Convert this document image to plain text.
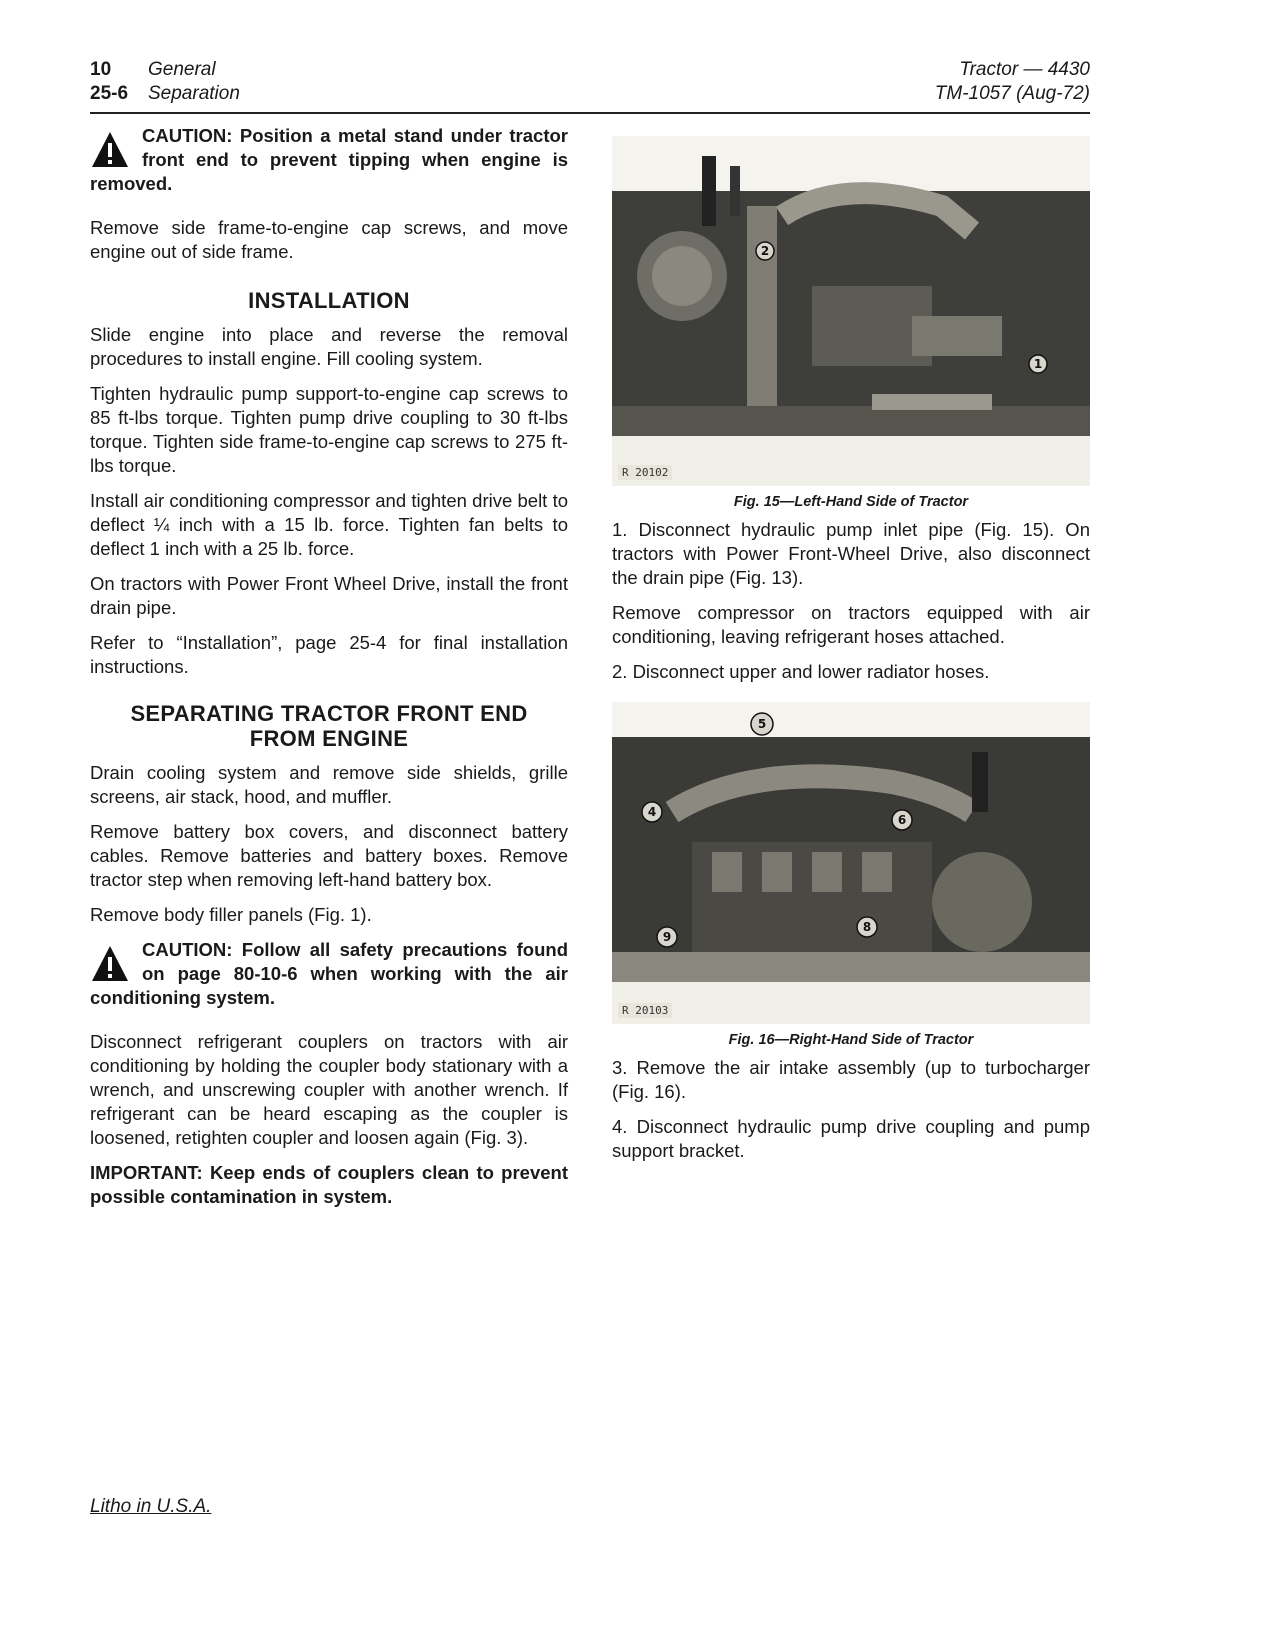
10 General
25-6 Separation
Tractor — 4430
TM-1057 (Aug-72)

CAUTION: Position a metal stand under tractor front end to prevent tipping when engine is removed.

Remove side frame-to-engine cap screws, and move engine out of side frame.

INSTALLATION

Slide engine into place and reverse the removal procedures to install engine. Fill cooling system.

Tighten hydraulic pump support-to-engine cap screws to 85 ft-lbs torque. Tighten pump drive coupling to 30 ft-lbs torque. Tighten side frame-to-engine cap screws to 275 ft-lbs torque.

Install air conditioning compressor and tighten drive belt to deflect ¼ inch with a 15 lb. force. Tighten fan belts to deflect 1 inch with a 25 lb. force.

On tractors with Power Front Wheel Drive, install the front drain pipe.

Refer to “Installation”, page 25-4 for final installation instructions.

SEPARATING TRACTOR FRONT END FROM ENGINE

Drain cooling system and remove side shields, grille screens, air stack, hood, and muffler.

Remove battery box covers, and disconnect battery cables. Remove batteries and battery boxes. Remove tractor step when removing left-hand battery box.

Remove body filler panels (Fig. 1).

CAUTION: Follow all safety precautions found on page 80-10-6 when working with the air conditioning system.

Disconnect refrigerant couplers on tractors with air conditioning by holding the coupler body stationary with a wrench, and unscrewing coupler with another wrench. If refrigerant can be heard escaping as the coupler is loosened, retighten coupler and loosen again (Fig. 3).

IMPORTANT: Keep ends of couplers clean to prevent possible contamination in system.

2
1
R 20102
Fig. 15—Left-Hand Side of Tractor

1. Disconnect hydraulic pump inlet pipe (Fig. 15). On tractors with Power Front-Wheel Drive, also disconnect the drain pipe (Fig. 13).

Remove compressor on tractors equipped with air conditioning, leaving refrigerant hoses attached.

2. Disconnect upper and lower radiator hoses.

5
4
6
9
8
R 20103
Fig. 16—Right-Hand Side of Tractor

3. Remove the air intake assembly (up to turbocharger (Fig. 16).

4. Disconnect hydraulic pump drive coupling and pump support bracket.

Litho in U.S.A.
